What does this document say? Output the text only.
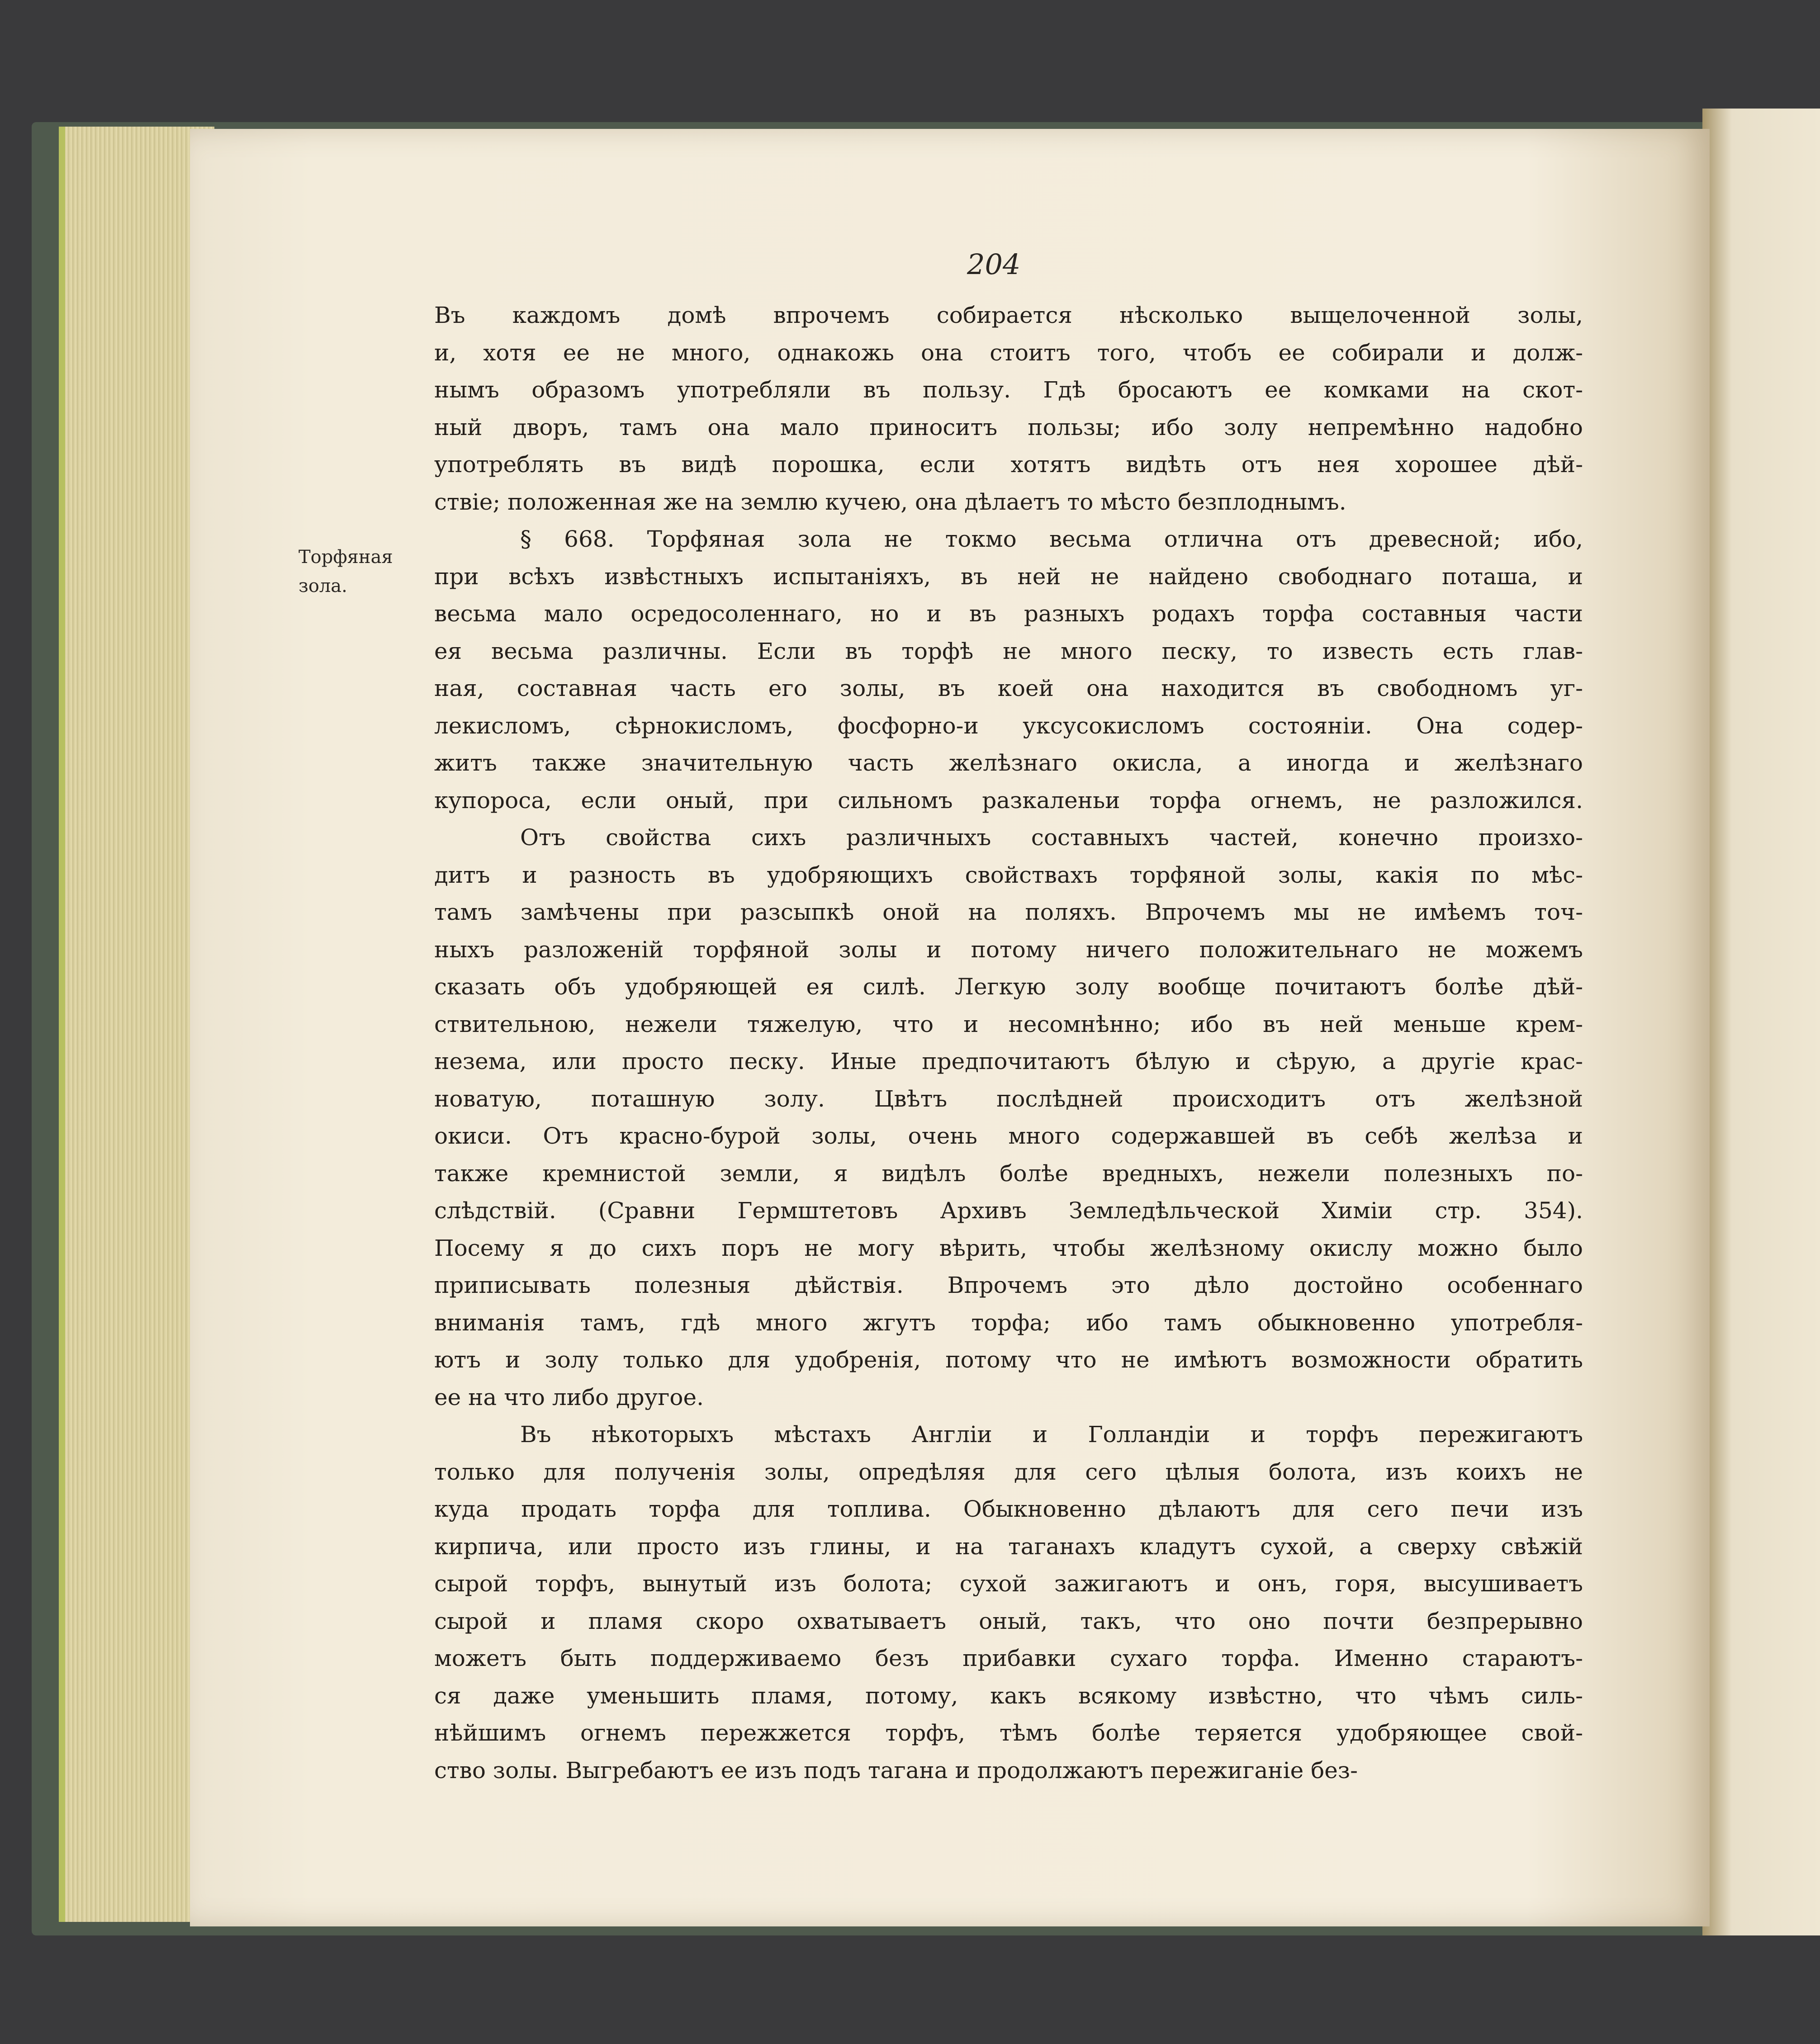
204

Торфяная зола.

Въ каждомъ домѣ впрочемъ собирается нѣсколько выщелоченной золы,

и, хотя ее не много, однакожь она стоитъ того, чтобъ ее собирали и долж-

нымъ образомъ употребляли въ пользу. Гдѣ бросаютъ ее комками на скот-

ный дворъ, тамъ она мало приноситъ пользы; ибо золу непремѣнно надобно

употреблять въ видѣ порошка, если хотятъ видѣть отъ нея хорошее дѣй-

ствіе; положенная же на землю кучею, она дѣлаетъ то мѣсто безплоднымъ.

§ 668. Торфяная зола не токмо весьма отлична отъ древесной; ибо,

при всѣхъ извѣстныхъ испытаніяхъ, въ ней не найдено свободнаго поташа, и

весьма мало осредосоленнаго, но и въ разныхъ родахъ торфа составныя части

ея весьма различны. Если въ торфѣ не много песку, то известь есть глав-

ная, составная часть его золы, въ коей она находится въ свободномъ уг-

лекисломъ, сѣрнокисломъ, фосфорно-и уксусокисломъ состояніи. Она содер-

житъ также значительную часть желѣзнаго окисла, а иногда и желѣзнаго

купороса, если оный, при сильномъ разкаленьи торфа огнемъ, не разложился.

Отъ свойства сихъ различныхъ составныхъ частей, конечно произхо-

дитъ и разность въ удобряющихъ свойствахъ торфяной золы, какія по мѣс-

тамъ замѣчены при разсыпкѣ оной на поляхъ. Впрочемъ мы не имѣемъ точ-

ныхъ разложеній торфяной золы и потому ничего положительнаго не можемъ

сказать объ удобряющей ея силѣ. Легкую золу вообще почитаютъ болѣе дѣй-

ствительною, нежели тяжелую, что и несомнѣнно; ибо въ ней меньше крем-

незема, или просто песку. Иные предпочитаютъ бѣлую и сѣрую, а другіе крас-

новатую, поташную золу. Цвѣтъ послѣдней происходитъ отъ желѣзной

окиси. Отъ красно-бурой золы, очень много содержавшей въ себѣ желѣза и

также кремнистой земли, я видѣлъ болѣе вредныхъ, нежели полезныхъ по-

слѣдствій. (Сравни Гермштетовъ Архивъ Земледѣльческой Химіи стр. 354).

Посему я до сихъ поръ не могу вѣрить, чтобы желѣзному окислу можно было

приписывать полезныя дѣйствія. Впрочемъ это дѣло достойно особеннаго

вниманія тамъ, гдѣ много жгутъ торфа; ибо тамъ обыкновенно употребля-

ютъ и золу только для удобренія, потому что не имѣютъ возможности обратить

ее на что либо другое.

Въ нѣкоторыхъ мѣстахъ Англіи и Голландіи и торфъ пережигаютъ

только для полученія золы, опредѣляя для сего цѣлыя болота, изъ коихъ не

куда продать торфа для топлива. Обыкновенно дѣлаютъ для сего печи изъ

кирпича, или просто изъ глины, и на таганахъ кладутъ сухой, а сверху свѣжій

сырой торфъ, вынутый изъ болота; сухой зажигаютъ и онъ, горя, высушиваетъ

сырой и пламя скоро охватываетъ оный, такъ, что оно почти безпрерывно

можетъ быть поддерживаемо безъ прибавки сухаго торфа. Именно стараютъ-

ся даже уменьшить пламя, потому, какъ всякому извѣстно, что чѣмъ силь-

нѣйшимъ огнемъ пережжется торфъ, тѣмъ болѣе теряется удобряющее свой-

ство золы. Выгребаютъ ее изъ подъ тагана и продолжаютъ пережиганіе без-
